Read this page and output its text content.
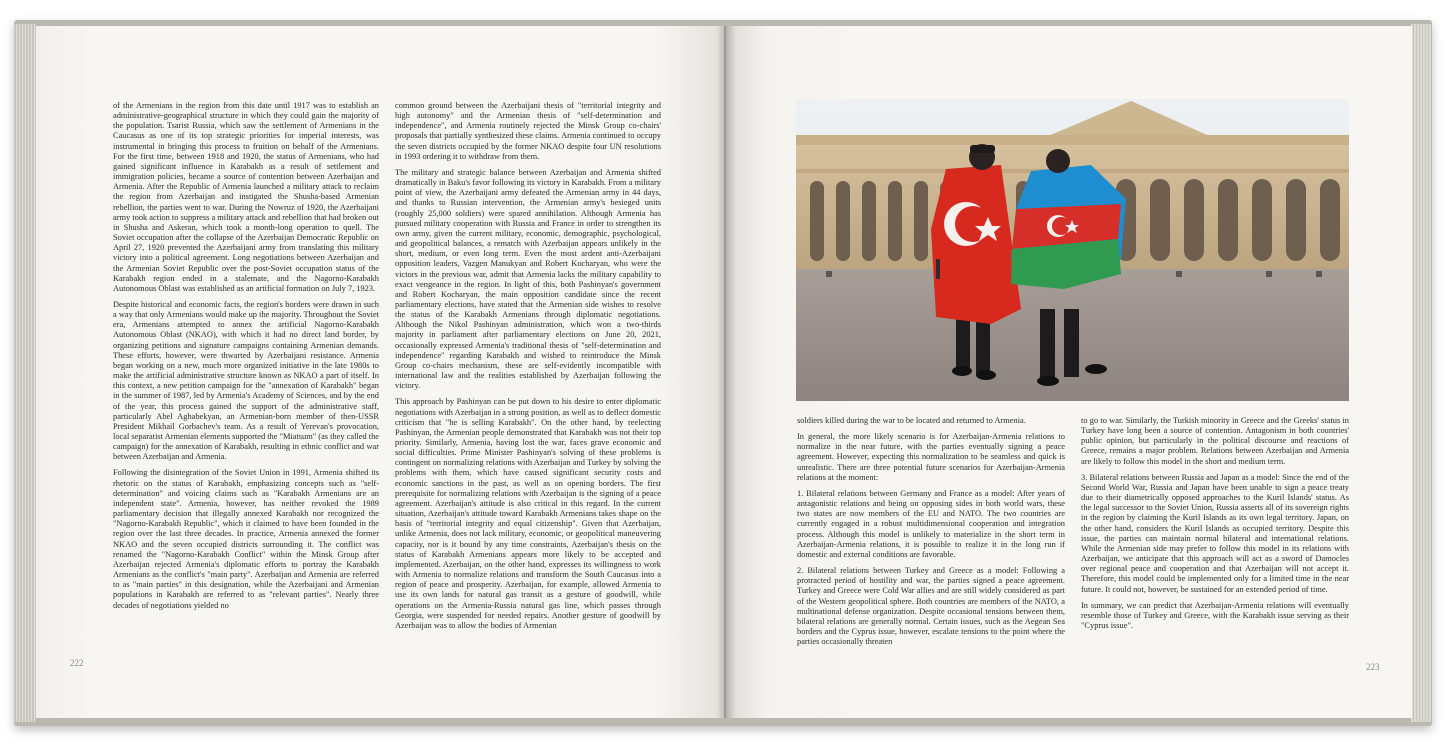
of the Armenians in the region from this date until 1917 was to establish an administrative-geographical structure in which they could gain the majority of the population. Tsarist Russia, which saw the settlement of Armenians in the Caucasus as one of its top strategic priorities for imperial interests, was instrumental in bringing this process to fruition on behalf of the Armenians. For the first time, between 1918 and 1920, the status of Armenians, who had gained significant influence in Karabakh as a result of settlement and immigration policies, became a source of contention between Azerbaijan and Armenia. After the Republic of Armenia launched a military attack to reclaim the region from Azerbaijan and instigated the Shusha-based Armenian rebellion, the parties went to war. During the Nowruz of 1920, the Azerbaijani army took action to suppress a military attack and rebellion that had broken out in Shusha and Askeran, which took a month-long operation to quell. The Soviet occupation after the collapse of the Azerbaijan Democratic Republic on April 27, 1920 prevented the Azerbaijani army from translating this military victory into a political agreement. Long negotiations between Azerbaijan and the Armenian Soviet Republic over the post-Soviet occupation status of the Karabakh region ended in a stalemate, and the Nagorno-Karabakh Autonomous Oblast was established as an artificial formation on July 7, 1923.

Despite historical and economic facts, the region's borders were drawn in such a way that only Armenians would make up the majority. Throughout the Soviet era, Armenians attempted to annex the artificial Nagorno-Karabakh Autonomous Oblast (NKAO), with which it had no direct land border, by organizing petitions and signature campaigns containing Armenian demands. These efforts, however, were thwarted by Azerbaijani resistance. Armenia began working on a new, much more organized initiative in the late 1980s to make the artificial administrative structure known as NKAO a part of itself. In this context, a new petition campaign for the "annexation of Karabakh" began in the summer of 1987, led by Armenia's Academy of Sciences, and by the end of the year, this process gained the support of the administrative staff, particularly Abel Aghabekyan, an Armenian-born member of then-USSR President Mikhail Gorbachev's team. As a result of Yerevan's provocation, local separatist Armenian elements supported the "Miatsum" (as they called the campaign) for the annexation of Karabakh, resulting in ethnic conflict and war between Azerbaijan and Armenia.

Following the disintegration of the Soviet Union in 1991, Armenia shifted its rhetoric on the status of Karabakh, emphasizing concepts such as "self-determination" and voicing claims such as "Karabakh Armenians are an independent state". Armenia, however, has neither revoked the 1989 parliamentary decision that illegally annexed Karabakh nor recognized the "Nagorno-Karabakh Republic", which it claimed to have been founded in the region over the last three decades. In practice, Armenia annexed the former NKAO and the seven occupied districts surrounding it. The conflict was renamed the "Nagorno-Karabakh Conflict" within the Minsk Group after Azerbaijan rejected Armenia's diplomatic efforts to portray the Karabakh Armenians as the conflict's "main party". Azerbaijan and Armenia are referred to as "main parties" in this designation, while the Azerbaijani and Armenian populations in Karabakh are referred to as "relevant parties". Nearly three decades of negotiations yielded no

common ground between the Azerbaijani thesis of "territorial integrity and high autonomy" and the Armenian thesis of "self-determination and independence", and Armenia routinely rejected the Minsk Group co-chairs' proposals that partially synthesized these claims. Armenia continued to occupy the seven districts occupied by the former NKAO despite four UN resolutions in 1993 ordering it to withdraw from them.

The military and strategic balance between Azerbaijan and Armenia shifted dramatically in Baku's favor following its victory in Karabakh. From a military point of view, the Azerbaijani army defeated the Armenian army in 44 days, and thanks to Russian intervention, the Armenian army's besieged units (roughly 25,000 soldiers) were spared annihilation. Although Armenia has pursued military cooperation with Russia and France in order to strengthen its own army, given the current military, economic, demographic, psychological, and geopolitical balances, a rematch with Azerbaijan appears unlikely in the short, medium, or even long term. Even the most ardent anti-Azerbaijani opposition leaders, Vazgen Manukyan and Robert Kocharyan, who were the victors in the previous war, admit that Armenia lacks the military capability to exact vengeance in the region. In light of this, both Pashinyan's government and Robert Kocharyan, the main opposition candidate since the recent parliamentary elections, have stated that the Armenian side wishes to resolve the status of the Karabakh Armenians through diplomatic negotiations. Although the Nikol Pashinyan administration, which won a two-thirds majority in parliament after parliamentary elections on June 20, 2021, occasionally expressed Armenia's traditional thesis of "self-determination and independence" regarding Karabakh and wished to reintroduce the Minsk Group co-chairs mechanism, these are self-evidently incompatible with international law and the realities established by Azerbaijan following the victory.

This approach by Pashinyan can be put down to his desire to enter diplomatic negotiations with Azerbaijan in a strong position, as well as to deflect domestic criticism that "he is selling Karabakh". On the other hand, by reelecting Pashinyan, the Armenian people demonstrated that Karabakh was not their top priority. Similarly, Armenia, having lost the war, faces grave economic and social difficulties. Prime Minister Pashinyan's solving of these problems is contingent on normalizing relations with Azerbaijan and Turkey by solving the problems with them, which have caused significant security costs and economic sanctions in the past, as well as on opening borders. The first prerequisite for normalizing relations with Azerbaijan is the signing of a peace agreement. Azerbaijan's attitude is also critical in this regard. In the current situation, Azerbaijan's attitude toward Karabakh Armenians takes shape on the basis of "territorial integrity and equal citizenship". Given that Azerbaijan, unlike Armenia, does not lack military, economic, or geopolitical maneuvering capacity, nor is it bound by any time constraints, Azerbaijan's thesis on the status of Karabakh Armenians appears more likely to be accepted and implemented. Azerbaijan, on the other hand, expresses its willingness to work with Armenia to normalize relations and transform the South Caucasus into a region of peace and prosperity. Azerbaijan, for example, allowed Armenia to use its own lands for natural gas transit as a gesture of goodwill, while operations on the Armenia-Russia natural gas line, which passes through Georgia, were suspended for needed repairs. Another gesture of goodwill by Azerbaijan was to allow the bodies of Armenian

222

soldiers killed during the war to be located and returned to Armenia.

In general, the more likely scenario is for Azerbaijan-Armenia relations to normalize in the near future, with the parties eventually signing a peace agreement. However, expecting this normalization to be seamless and quick is unrealistic. There are three potential future scenarios for Azerbaijan-Armenia relations at the moment:

1. Bilateral relations between Germany and France as a model: After years of antagonistic relations and being on opposing sides in both world wars, these two states are now members of the EU and NATO. The two countries are currently engaged in a robust multidimensional cooperation and integration process. Although this model is unlikely to materialize in the short term in Azerbaijan-Armenia relations, it is possible to realize it in the long run if domestic and external conditions are favorable.

2. Bilateral relations between Turkey and Greece as a model: Following a protracted period of hostility and war, the parties signed a peace agreement. Turkey and Greece were Cold War allies and are still widely considered as part of the Western geopolitical sphere. Both countries are members of the NATO, a multinational defense organization. Despite occasional tensions between them, bilateral relations are generally normal. Certain issues, such as the Aegean Sea borders and the Cyprus issue, however, escalate tensions to the point where the parties occasionally threaten

to go to war. Similarly, the Turkish minority in Greece and the Greeks' status in Turkey have long been a source of contention. Antagonism in both countries' public opinion, but particularly in the political discourse and reactions of Greece, remains a major problem. Relations between Azerbaijan and Armenia are likely to follow this model in the short and medium term.

3. Bilateral relations between Russia and Japan as a model: Since the end of the Second World War, Russia and Japan have been unable to sign a peace treaty due to their diametrically opposed approaches to the Kuril Islands' status. As the legal successor to the Soviet Union, Russia asserts all of its sovereign rights in the region by claiming the Kuril Islands as its own legal territory. Japan, on the other hand, considers the Kuril Islands as occupied territory. Despite this issue, the parties can maintain normal bilateral and international relations. While the Armenian side may prefer to follow this model in its relations with Azerbaijan, we anticipate that this approach will act as a sword of Damocles over regional peace and cooperation and that Azerbaijan will not accept it. Therefore, this model could be implemented only for a limited time in the near future. It could not, however, be sustained for an extended period of time.

In summary, we can predict that Azerbaijan-Armenia relations will eventually resemble those of Turkey and Greece, with the Karabakh issue serving as their "Cyprus issue".

223
